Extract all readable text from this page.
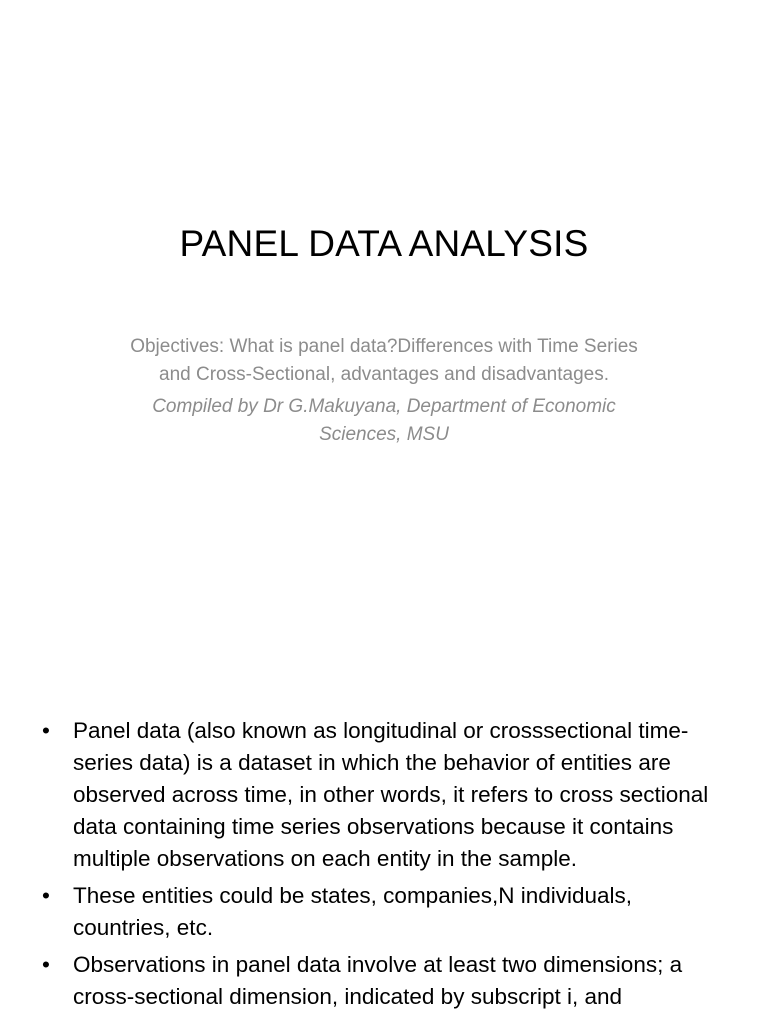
PANEL DATA ANALYSIS

Objectives: What is panel data?Differences with Time Series and Cross-Sectional, advantages and disadvantages.

Compiled by Dr G.Makuyana, Department of Economic Sciences, MSU

• Panel data (also known as longitudinal or crosssectional time-series data) is a dataset in which the behavior of entities are observed across time, in other words, it refers to cross sectional data containing time series observations because it contains multiple observations on each entity in the sample.
• These entities could be states, companies,N individuals, countries, etc.
• Observations in panel data involve at least two dimensions; a cross-sectional dimension, indicated by subscript i, and
